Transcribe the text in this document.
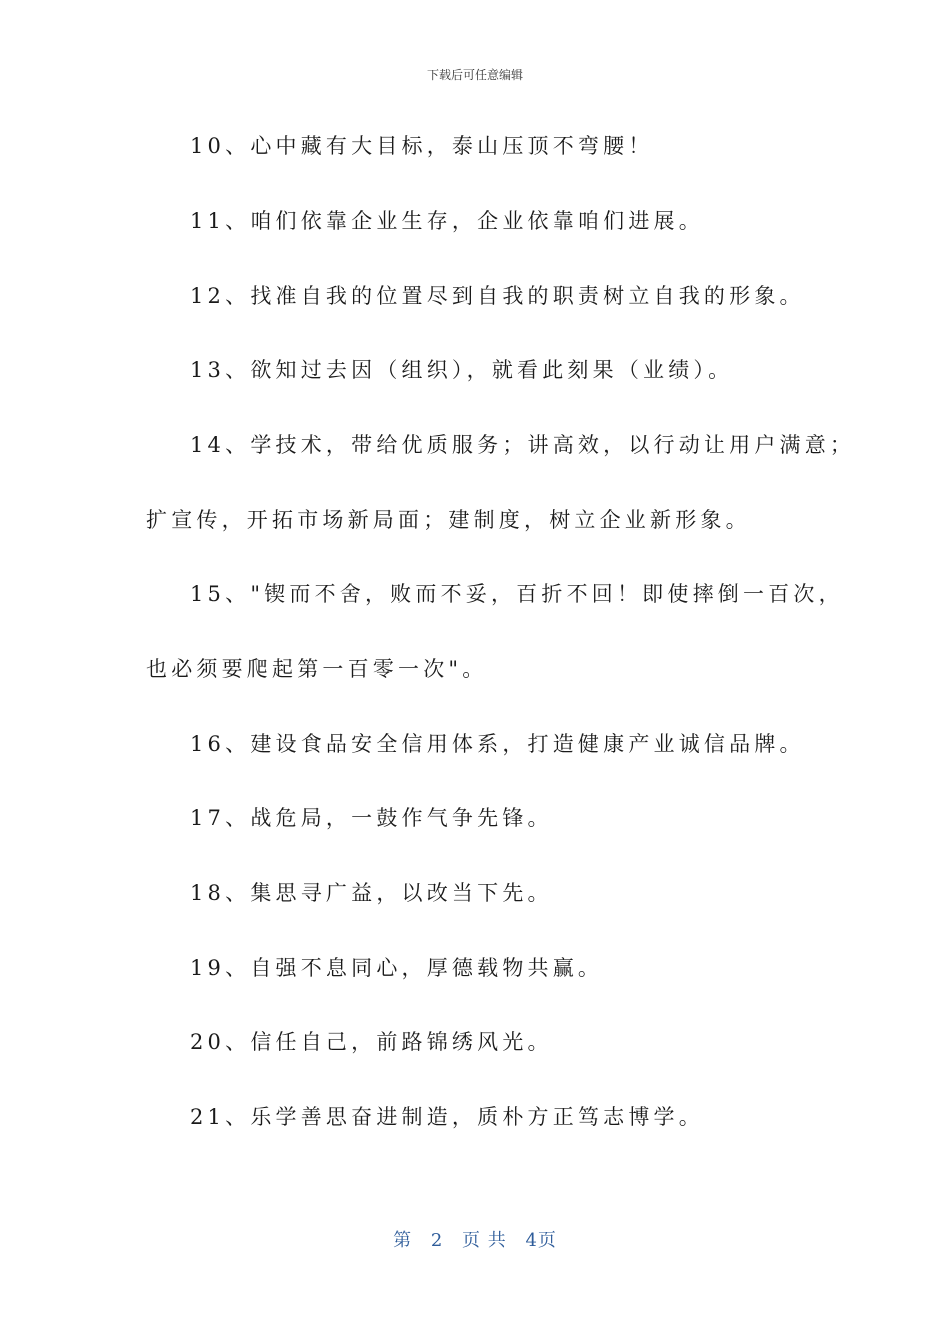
下载后可任意编辑
10、心中藏有大目标，泰山压顶不弯腰！
11、咱们依靠企业生存，企业依靠咱们进展。
12、找准自我的位置尽到自我的职责树立自我的形象。
13、欲知过去因（组织），就看此刻果（业绩）。
14、学技术，带给优质服务；讲高效，以行动让用户满意；
扩宣传，开拓市场新局面；建制度，树立企业新形象。
15、"锲而不舍，败而不妥，百折不回！即使摔倒一百次，
也必须要爬起第一百零一次"。
16、建设食品安全信用体系，打造健康产业诚信品牌。
17、战危局，一鼓作气争先锋。
18、集思寻广益，以改当下先。
19、自强不息同心，厚德载物共赢。
20、信任自己，前路锦绣风光。
21、乐学善思奋进制造，质朴方正笃志博学。
第 2 页 共 4页
